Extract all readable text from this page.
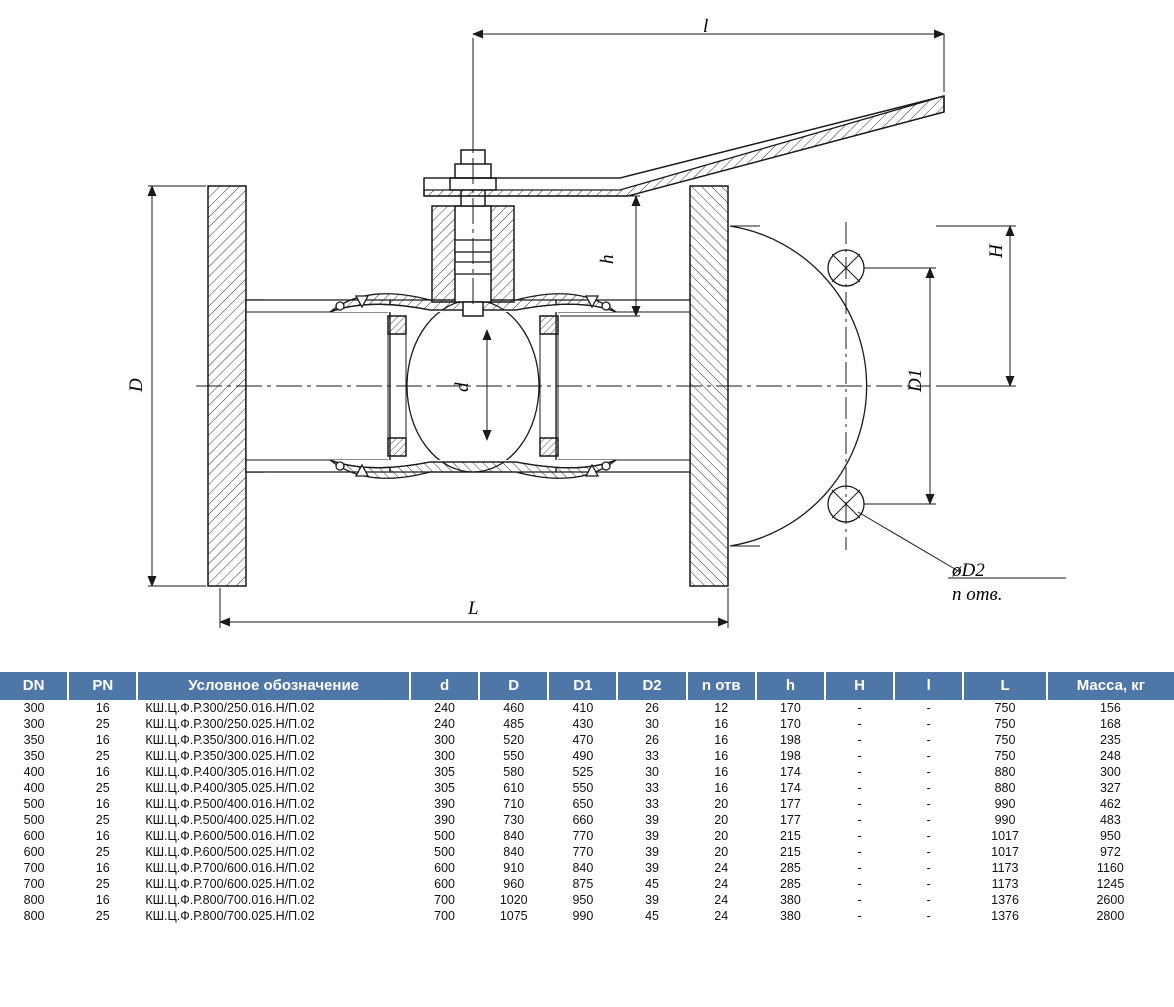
l
h
d
D	D1
H
L
øD2
n отв.
DN	PN	Условное обозначение	d	D	D1	D2	n отв	h	H	l	L	Масса, кг
300	16	КШ.Ц.Ф.Р.300/250.016.Н/П.02	240	460	410	26	12	170	-	-	750	156
300	25	КШ.Ц.Ф.Р.300/250.025.Н/П.02	240	485	430	30	16	170	-	-	750	168
350	16	КШ.Ц.Ф.Р.350/300.016.Н/П.02	300	520	470	26	16	198	-	-	750	235
350	25	КШ.Ц.Ф.Р.350/300.025.Н/П.02	300	550	490	33	16	198	-	-	750	248
400	16	КШ.Ц.Ф.Р.400/305.016.Н/П.02	305	580	525	30	16	174	-	-	880	300
400	25	КШ.Ц.Ф.Р.400/305.025.Н/П.02	305	610	550	33	16	174	-	-	880	327
500	16	КШ.Ц.Ф.Р.500/400.016.Н/П.02	390	710	650	33	20	177	-	-	990	462
500	25	КШ.Ц.Ф.Р.500/400.025.Н/П.02	390	730	660	39	20	177	-	-	990	483
600	16	КШ.Ц.Ф.Р.600/500.016.Н/П.02	500	840	770	39	20	215	-	-	1017	950
600	25	КШ.Ц.Ф.Р.600/500.025.Н/П.02	500	840	770	39	20	215	-	-	1017	972
700	16	КШ.Ц.Ф.Р.700/600.016.Н/П.02	600	910	840	39	24	285	-	-	1173	1160
700	25	КШ.Ц.Ф.Р.700/600.025.Н/П.02	600	960	875	45	24	285	-	-	1173	1245
800	16	КШ.Ц.Ф.Р.800/700.016.Н/П.02	700	1020	950	39	24	380	-	-	1376	2600
800	25	КШ.Ц.Ф.Р.800/700.025.Н/П.02	700	1075	990	45	24	380	-	-	1376	2800
